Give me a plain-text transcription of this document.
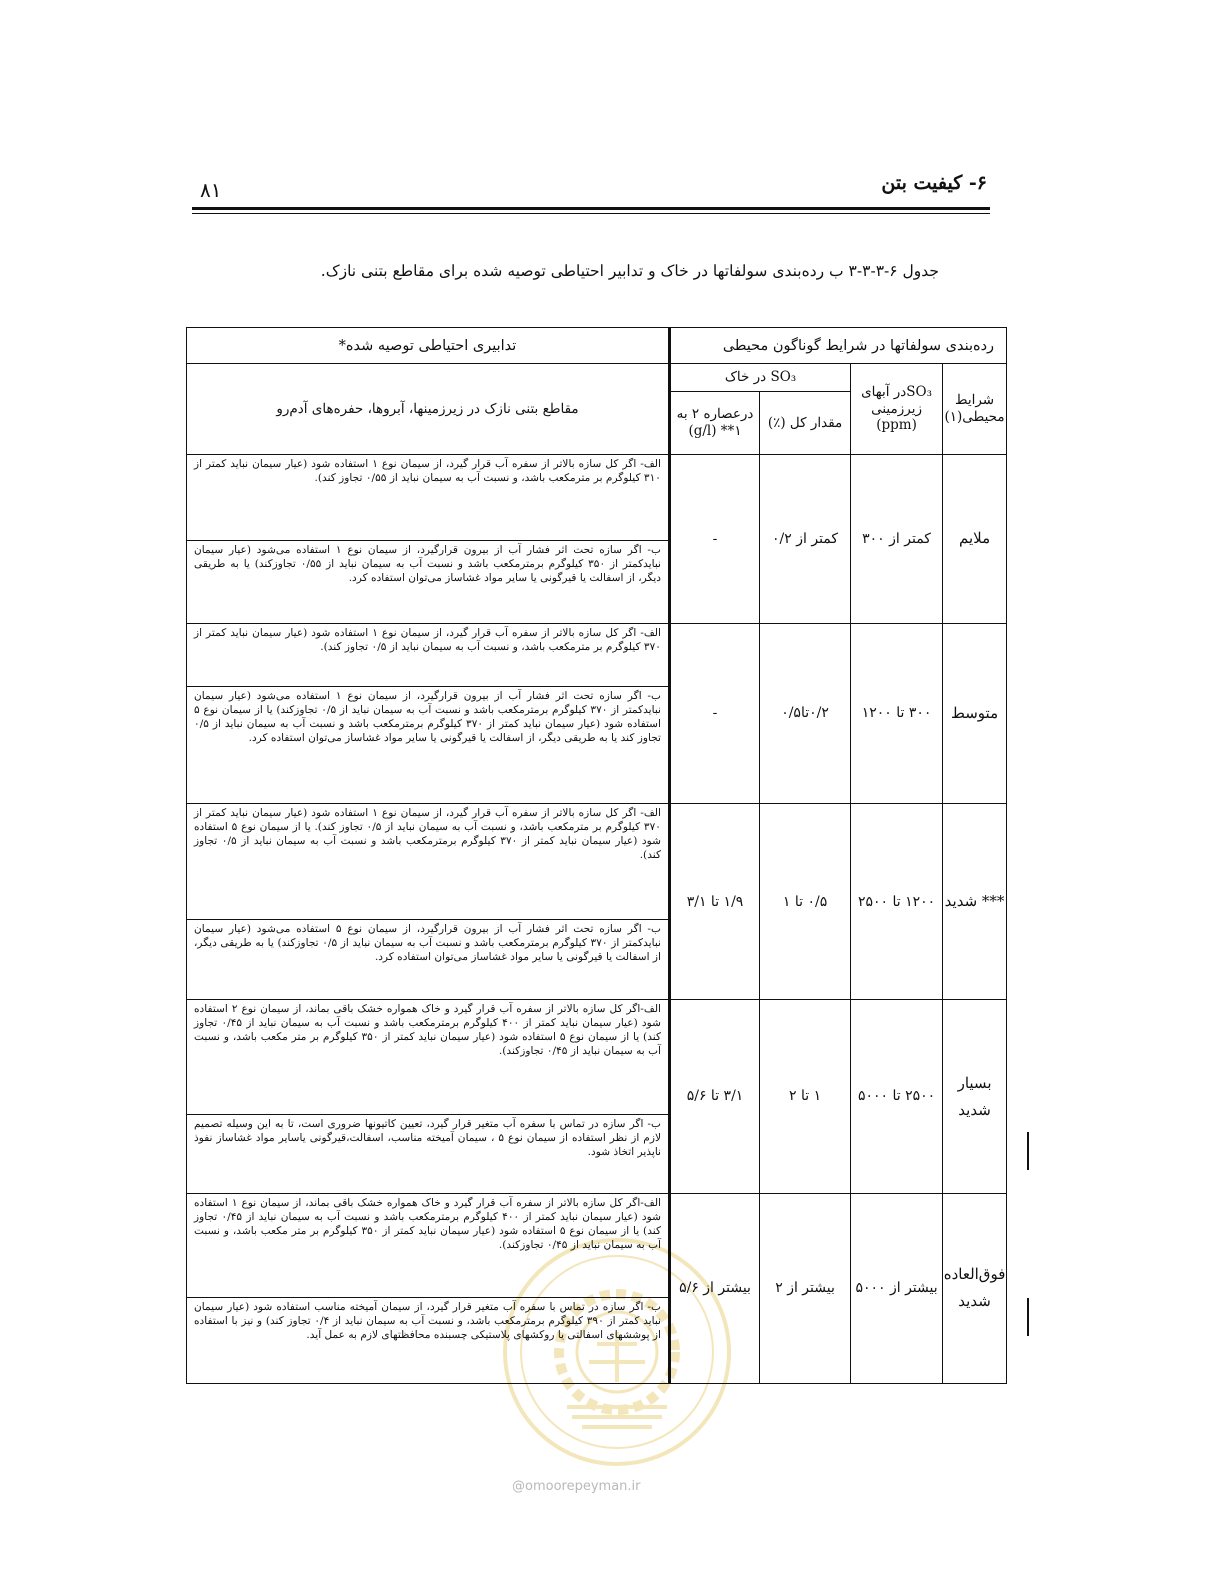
۶- کیفیت بتن
۸۱
جدول ۶-۳-۳-۳ ب رده‌بندی سولفاتها در خاک و تدابیر احتیاطی توصیه شده برای مقاطع بتنی نازک.
رده‌بندی سولفاتها در شرایط گوناگون محیطی				تدابیری احتیاطی توصیه شده*
شرایط محیطی(۱)	SO₃در آبهای زیرزمینی (ppm)	SO₃ در خاک		مقاطع بتنی نازک در زیرزمینها، آبروها، حفره‌های آدم‌رو
		مقدار کل (٪)	درعصاره ۲ به ۱** (g/l)	
ملایم	کمتر از ۳۰۰	کمتر از ۰/۲	-	الف- اگر کل سازه بالاتر از سفره آب قرار گیرد، از سیمان نوع ۱ استفاده شود (عیار سیمان نباید کمتر از ۳۱۰ کیلوگرم بر مترمکعب باشد، و نسبت آب به سیمان نباید از ۰/۵۵ تجاوز کند).
				ب- اگر سازه تحت اثر فشار آب از بیرون قرارگیرد، از سیمان نوع ۱ استفاده می‌شود (عیار سیمان نبایدکمتر از ۳۵۰ کیلوگرم برمترمکعب باشد و نسبت آب به سیمان نباید از ۰/۵۵ تجاوزکند) یا به طریقی دیگر، از اسفالت یا قیرگونی یا سایر مواد غشاساز می‌توان استفاده کرد.
متوسط	۳۰۰ تا ۱۲۰۰	۰/۲تا۰/۵	-	الف- اگر کل سازه بالاتر از سفره آب قرار گیرد، از سیمان نوع ۱ استفاده شود (عیار سیمان نباید کمتر از ۳۷۰ کیلوگرم بر مترمکعب باشد، و نسبت آب به سیمان نباید از ۰/۵ تجاوز کند).
				ب- اگر سازه تحت اثر فشار آب از بیرون قرارگیرد، از سیمان نوع ۱ استفاده می‌شود (عیار سیمان نبایدکمتر از ۳۷۰ کیلوگرم برمترمکعب باشد و نسبت آب به سیمان نباید از ۰/۵ تجاوزکند) یا از سیمان نوع ۵ استفاده شود (عیار سیمان نباید کمتر از ۳۷۰ کیلوگرم برمترمکعب باشد و نسبت آب به سیمان نباید از ۰/۵ تجاوز کند یا به طریقی دیگر، از اسفالت یا قیرگونی یا سایر مواد غشاساز می‌توان استفاده کرد.
*** شدید	۱۲۰۰ تا ۲۵۰۰	۰/۵ تا ۱	۱/۹ تا ۳/۱	الف- اگر کل سازه بالاتر از سفره آب قرار گیرد، از سیمان نوع ۱ استفاده شود (عیار سیمان نباید کمتر از ۳۷۰ کیلوگرم بر مترمکعب باشد، و نسبت آب به سیمان نباید از ۰/۵ تجاوز کند). یا از سیمان نوع ۵ استفاده شود (عیار سیمان نباید کمتر از ۳۷۰ کیلوگرم برمترمکعب باشد و نسبت آب به سیمان نباید از ۰/۵ تجاوز کند).
				ب- اگر سازه تحت اثر فشار آب از بیرون قرارگیرد، از سیمان نوع ۵ استفاده می‌شود (عیار سیمان نبایدکمتر از ۳۷۰ کیلوگرم برمترمکعب باشد و نسبت آب به سیمان نباید از ۰/۵ تجاوزکند) یا به طریقی دیگر، از اسفالت یا قیرگونی یا سایر مواد غشاساز می‌توان استفاده کرد.
بسیار شدید	۲۵۰۰ تا ۵۰۰۰	۱ تا ۲	۳/۱ تا ۵/۶	الف-اگر کل سازه بالاتر از سفره آب قرار گیرد و خاک همواره خشک باقی بماند، از سیمان نوع ۲ استفاده شود (عیار سیمان نباید کمتر از ۴۰۰ کیلوگرم برمترمکعب باشد و نسبت آب به سیمان نباید از ۰/۴۵ تجاوز کند) یا از سیمان نوع ۵ استفاده شود (عیار سیمان نباید کمتر از ۳۵۰ کیلوگرم بر متر مکعب باشد، و نسبت آب به سیمان نباید از ۰/۴۵ تجاوزکند).
				ب- اگر سازه در تماس با سفره آب متغیر قرار گیرد، تعیین کاتیونها ضروری است، تا به این وسیله تصمیم لازم از نظر استفاده از سیمان نوع ۵ ، سیمان آمیخته مناسب، اسفالت،قیرگونی یاسایر مواد غشاساز نفوذ ناپذیر اتخاذ شود.
فوق‌العاده شدید	بیشتر از ۵۰۰۰	بیشتر از ۲	بیشتر از ۵/۶	الف-اگر کل سازه بالاتر از سفره آب قرار گیرد و خاک همواره خشک باقی بماند، از سیمان نوع ۱ استفاده شود (عیار سیمان نباید کمتر از ۴۰۰ کیلوگرم برمترمکعب باشد و نسبت آب به سیمان نباید از ۰/۴۵ تجاوز کند) یا از سیمان نوع ۵ استفاده شود (عیار سیمان نباید کمتر از ۳۵۰ کیلوگرم بر متر مکعب باشد، و نسبت آب به سیمان نباید از ۰/۴۵ تجاوزکند).
				ب- اگر سازه در تماس با سفره آب متغیر قرار گیرد، از سیمان آمیخته مناسب استفاده شود (عیار سیمان نباید کمتر از ۳۹۰ کیلوگرم برمترمکعب باشد، و نسبت آب به سیمان نباید از ۰/۴ تجاوز کند) و نیز با استفاده از پوششهای اسفالتی یا روکشهای پلاستیکی چسبنده محافظتهای لازم به عمل آید.
@omoorepeyman.ir
